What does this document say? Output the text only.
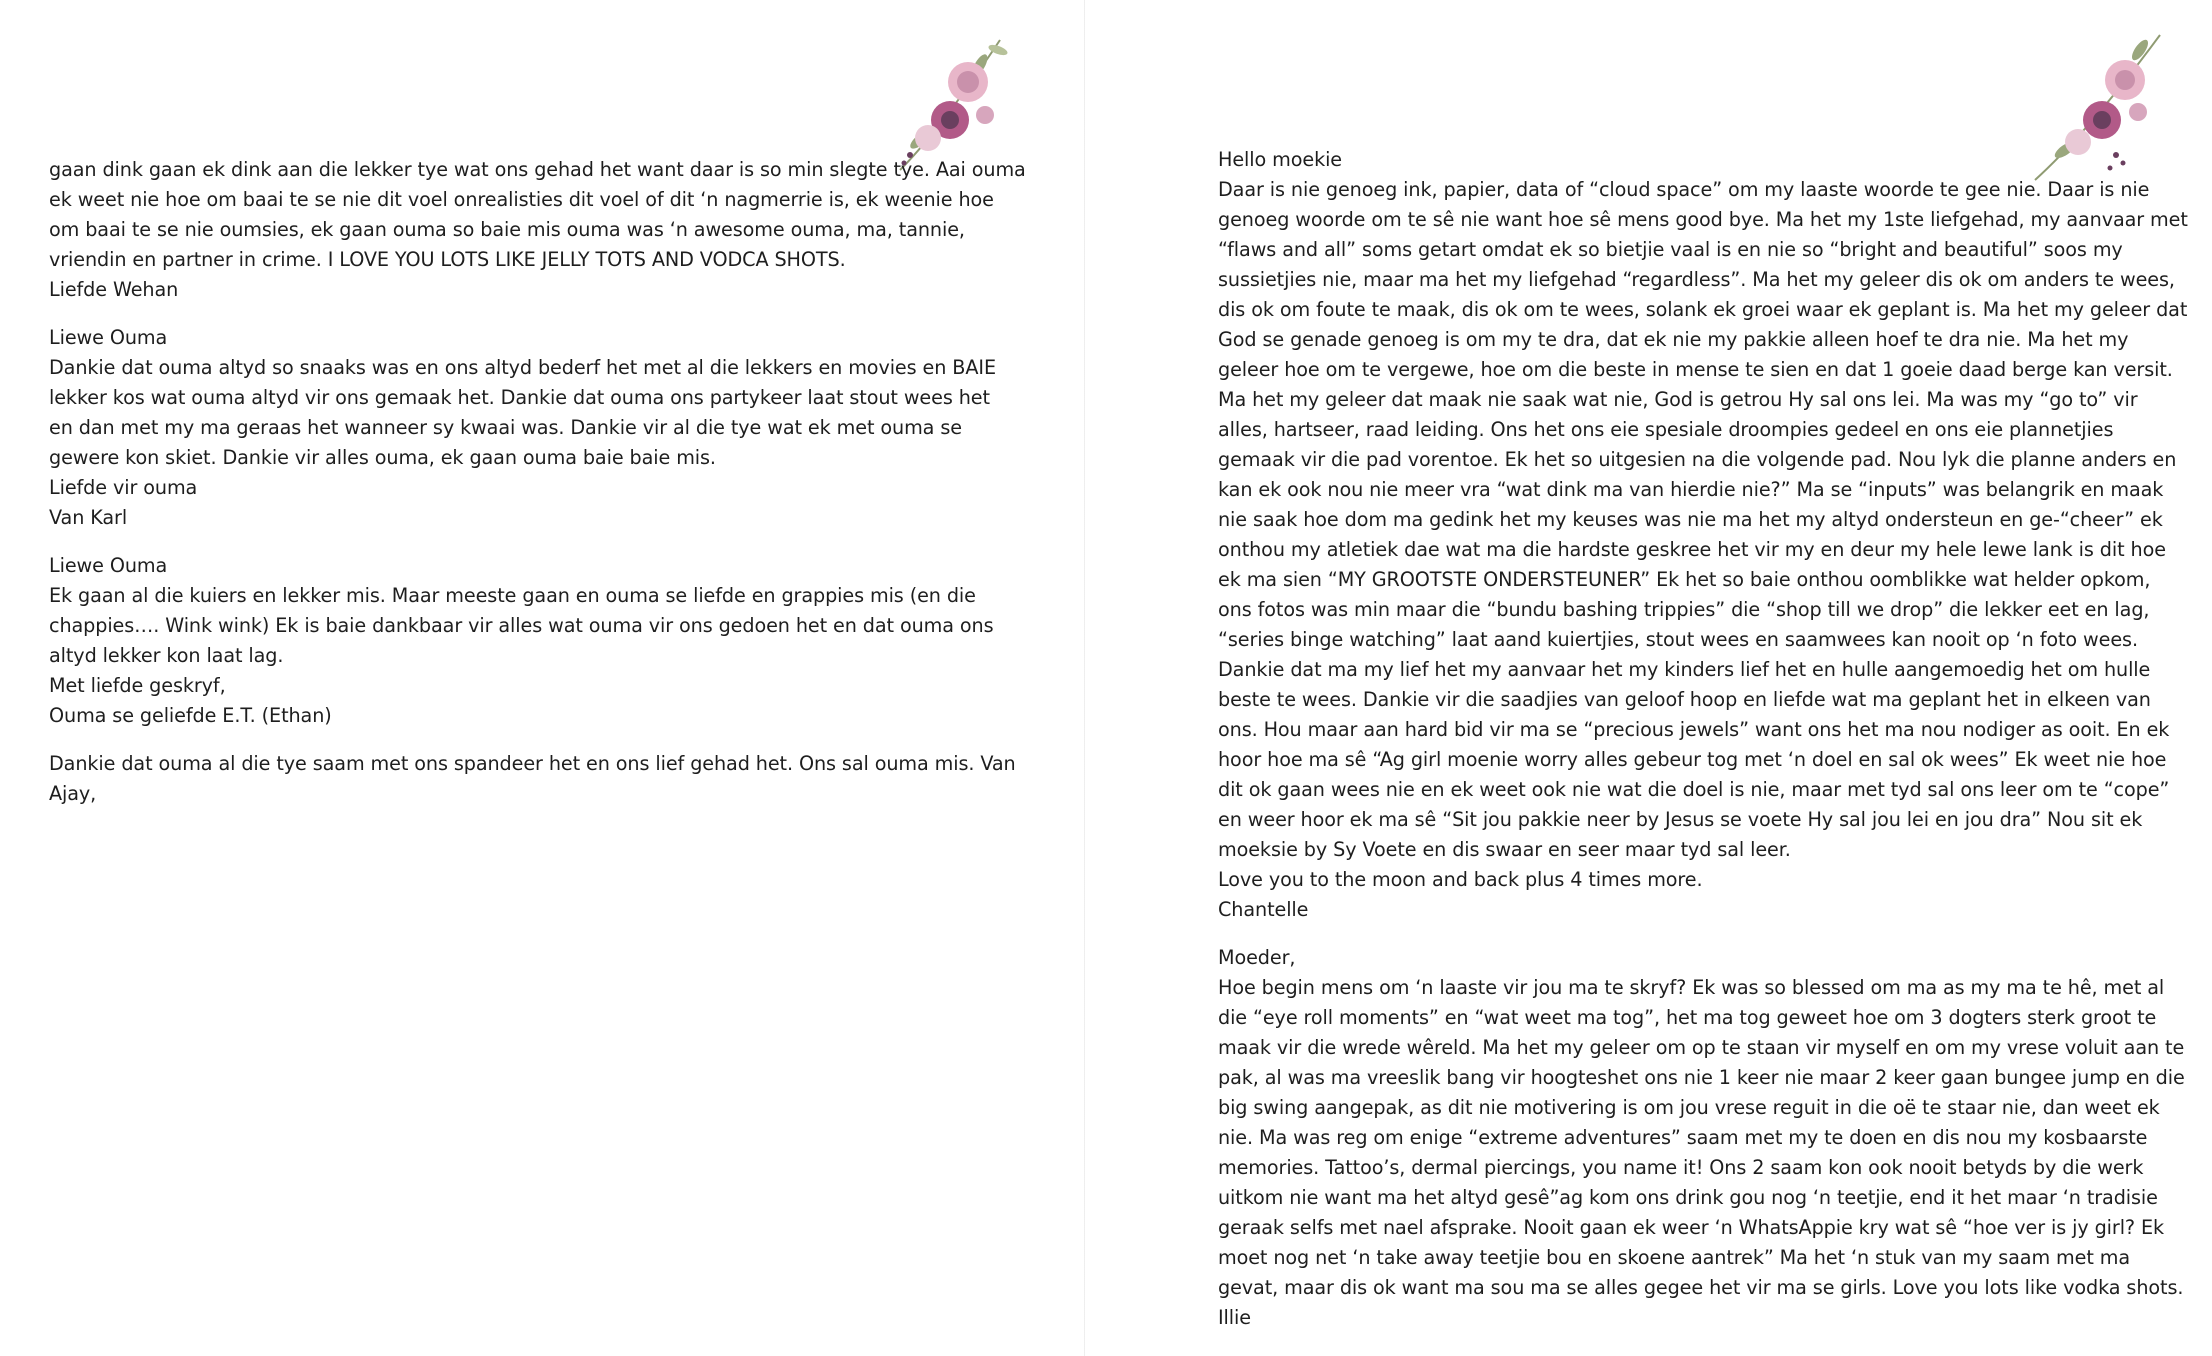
gaan dink gaan ek dink aan die lekker tye wat ons gehad het want daar is so min slegte tye. Aai ouma
ek weet nie hoe om baai te se nie dit voel onrealisties dit voel of dit ‘n nagmerrie is, ek weenie hoe
om baai te se nie oumsies, ek gaan ouma so baie mis ouma was ‘n awesome ouma, ma, tannie,
vriendin en partner in crime. I LOVE YOU LOTS LIKE JELLY TOTS AND VODCA SHOTS.
Liefde Wehan
Liewe Ouma
Dankie dat ouma altyd so snaaks was en ons altyd bederf het met al die lekkers en movies en BAIE
lekker kos wat ouma altyd vir ons gemaak het. Dankie dat ouma ons partykeer laat stout wees het
en dan met my ma geraas het wanneer sy kwaai was. Dankie vir al die tye wat ek met ouma se
gewere kon skiet. Dankie vir alles ouma, ek gaan ouma baie baie mis.
Liefde vir ouma
Van Karl
Liewe Ouma
Ek gaan al die kuiers en lekker mis. Maar meeste gaan en ouma se liefde en grappies mis (en die
chappies…. Wink wink) Ek is baie dankbaar vir alles wat ouma vir ons gedoen het en dat ouma ons
altyd lekker kon laat lag.
Met liefde geskryf,
Ouma se geliefde E.T. (Ethan)
Dankie dat ouma al die tye saam met ons spandeer het en ons lief gehad het. Ons sal ouma mis. Van
Ajay,
Hello moekie
Daar is nie genoeg ink, papier, data of “cloud space” om my laaste woorde te gee nie. Daar is nie
genoeg woorde om te sê nie want hoe sê mens good bye. Ma het my 1ste liefgehad, my aanvaar met
“flaws and all” soms getart omdat ek so bietjie vaal is en nie so “bright and beautiful” soos my
sussietjies nie, maar ma het my liefgehad “regardless”. Ma het my geleer dis ok om anders te wees,
dis ok om foute te maak, dis ok om te wees, solank ek groei waar ek geplant is. Ma het my geleer dat
God se genade genoeg is om my te dra, dat ek nie my pakkie alleen hoef te dra nie. Ma het my
geleer hoe om te vergewe, hoe om die beste in mense te sien en dat 1 goeie daad berge kan versit.
Ma het my geleer dat maak nie saak wat nie, God is getrou Hy sal ons lei. Ma was my “go to” vir
alles, hartseer, raad leiding. Ons het ons eie spesiale droompies gedeel en ons eie plannetjies
gemaak vir die pad vorentoe. Ek het so uitgesien na die volgende pad. Nou lyk die planne anders en
kan ek ook nou nie meer vra “wat dink ma van hierdie nie?” Ma se “inputs” was belangrik en maak
nie saak hoe dom ma gedink het my keuses was nie ma het my altyd ondersteun en ge-“cheer” ek
onthou my atletiek dae wat ma die hardste geskree het vir my en deur my hele lewe lank is dit hoe
ek ma sien “MY GROOTSTE ONDERSTEUNER” Ek het so baie onthou oomblikke wat helder opkom,
ons fotos was min maar die “bundu bashing trippies” die “shop till we drop” die lekker eet en lag,
“series binge watching” laat aand kuiertjies, stout wees en saamwees kan nooit op ‘n foto wees.
Dankie dat ma my lief het my aanvaar het my kinders lief het en hulle aangemoedig het om hulle
beste te wees. Dankie vir die saadjies van geloof hoop en liefde wat ma geplant het in elkeen van
ons. Hou maar aan hard bid vir ma se “precious jewels” want ons het ma nou nodiger as ooit. En ek
hoor hoe ma sê “Ag girl moenie worry alles gebeur tog met ‘n doel en sal ok wees” Ek weet nie hoe
dit ok gaan wees nie en ek weet ook nie wat die doel is nie, maar met tyd sal ons leer om te “cope”
en weer hoor ek ma sê “Sit jou pakkie neer by Jesus se voete Hy sal jou lei en jou dra” Nou sit ek
moeksie by Sy Voete en dis swaar en seer maar tyd sal leer.
Love you to the moon and back plus 4 times more.
Chantelle
Moeder,
Hoe begin mens om ‘n laaste vir jou ma te skryf? Ek was so blessed om ma as my ma te hê, met al
die “eye roll moments” en “wat weet ma tog”, het ma tog geweet hoe om 3 dogters sterk groot te
maak vir die wrede wêreld. Ma het my geleer om op te staan vir myself en om my vrese voluit aan te
pak, al was ma vreeslik bang vir hoogteshet ons nie 1 keer nie maar 2 keer gaan bungee jump en die
big swing aangepak, as dit nie motivering is om jou vrese reguit in die oë te staar nie, dan weet ek
nie. Ma was reg om enige “extreme adventures” saam met my te doen en dis nou my kosbaarste
memories. Tattoo’s, dermal piercings, you name it! Ons 2 saam kon ook nooit betyds by die werk
uitkom nie want ma het altyd gesê”ag kom ons drink gou nog ‘n teetjie, end it het maar ‘n tradisie
geraak selfs met nael afsprake. Nooit gaan ek weer ‘n WhatsAppie kry wat sê “hoe ver is jy girl? Ek
moet nog net ‘n take away teetjie bou en skoene aantrek” Ma het ‘n stuk van my saam met ma
gevat, maar dis ok want ma sou ma se alles gegee het vir ma se girls. Love you lots like vodka shots.
Illie
